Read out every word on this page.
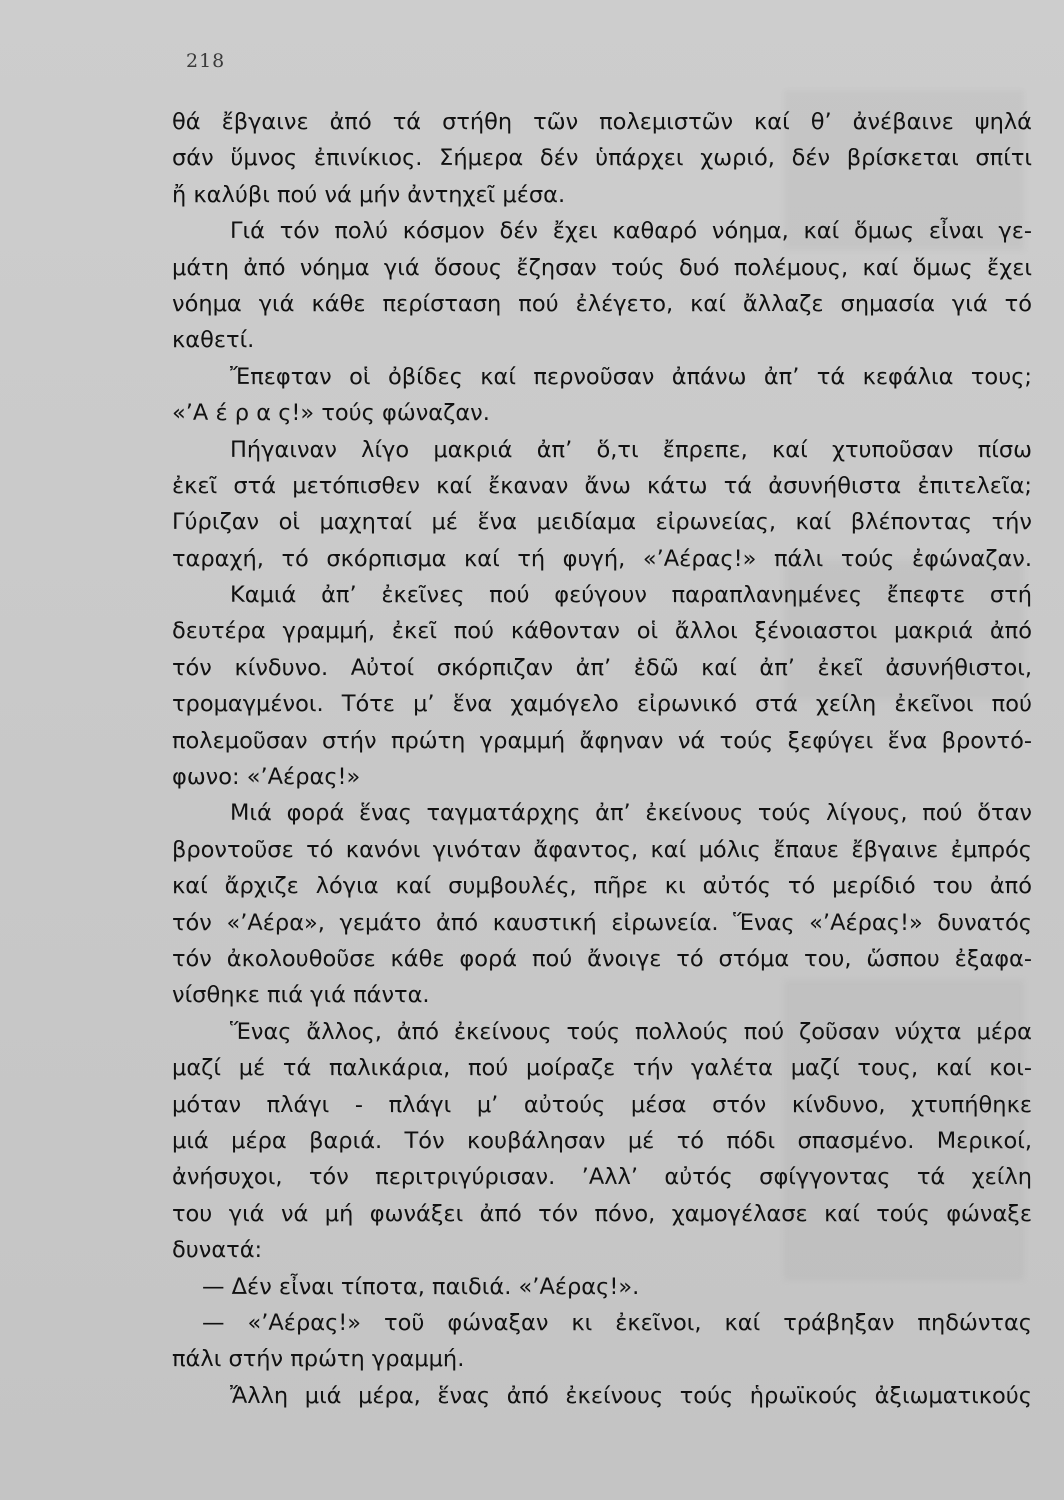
218

θά ἔβγαινε ἀπό τά στήθη τῶν πολεμιστῶν καί θ’ ἀνέβαινε ψηλά
σάν ὕμνος ἐπινίκιος. Σήμερα δέν ὑπάρχει χωριό, δέν βρίσκεται σπίτι
ἤ καλύβι πού νά μήν ἀντηχεῖ μέσα.
Γιά τόν πολύ κόσμον δέν ἔχει καθαρό νόημα, καί ὅμως εἶναι γε-
μάτη ἀπό νόημα γιά ὅσους ἔζησαν τούς δυό πολέμους, καί ὅμως ἔχει
νόημα γιά κάθε περίσταση πού ἐλέγετο, καί ἄλλαζε σημασία γιά τό
καθετί.
Ἔπεφταν οἱ ὀβίδες καί περνοῦσαν ἀπάνω ἀπ’ τά κεφάλια τους;
«’Α έ ρ α ς!» τούς φώναζαν.
Πήγαιναν λίγο μακριά ἀπ’ ὅ,τι ἔπρεπε, καί χτυποῦσαν πίσω
ἐκεῖ στά μετόπισθεν καί ἔκαναν ἄνω κάτω τά ἀσυνήθιστα ἐπιτελεῖα;
Γύριζαν οἱ μαχηταί μέ ἕνα μειδίαμα εἰρωνείας, καί βλέποντας τήν
ταραχή, τό σκόρπισμα καί τή φυγή, «’Αέρας!» πάλι τούς ἐφώναζαν.
Καμιά ἀπ’ ἐκεῖνες πού φεύγουν παραπλανημένες ἔπεφτε στή
δευτέρα γραμμή, ἐκεῖ πού κάθονταν οἱ ἄλλοι ξένοιαστοι μακριά ἀπό
τόν κίνδυνο. Αὐτοί σκόρπιζαν ἀπ’ ἐδῶ καί ἀπ’ ἐκεῖ ἀσυνήθιστοι,
τρομαγμένοι. Τότε μ’ ἕνα χαμόγελο εἰρωνικό στά χείλη ἐκεῖνοι πού
πολεμοῦσαν στήν πρώτη γραμμή ἄφηναν νά τούς ξεφύγει ἕνα βροντό-
φωνο: «’Αέρας!»
Μιά φορά ἕνας ταγματάρχης ἀπ’ ἐκείνους τούς λίγους, πού ὅταν
βροντοῦσε τό κανόνι γινόταν ἄφαντος, καί μόλις ἔπαυε ἔβγαινε ἐμπρός
καί ἄρχιζε λόγια καί συμβουλές, πῆρε κι αὐτός τό μερίδιό του ἀπό
τόν «’Αέρα», γεμάτο ἀπό καυστική εἰρωνεία. Ἕνας «’Αέρας!» δυνατός
τόν ἀκολουθοῦσε κάθε φορά πού ἄνοιγε τό στόμα του, ὥσπου ἐξαφα-
νίσθηκε πιά γιά πάντα.
Ἕνας ἄλλος, ἀπό ἐκείνους τούς πολλούς πού ζοῦσαν νύχτα μέρα
μαζί μέ τά παλικάρια, πού μοίραζε τήν γαλέτα μαζί τους, καί κοι-
μόταν πλάγι - πλάγι μ’ αὐτούς μέσα στόν κίνδυνο, χτυπήθηκε
μιά μέρα βαριά. Τόν κουβάλησαν μέ τό πόδι σπασμένο. Μερικοί,
ἀνήσυχοι, τόν περιτριγύρισαν. ’Αλλ’ αὐτός σφίγγοντας τά χείλη
του γιά νά μή φωνάξει ἀπό τόν πόνο, χαμογέλασε καί τούς φώναξε
δυνατά:
— Δέν εἶναι τίποτα, παιδιά. «’Αέρας!».
— «’Αέρας!» τοῦ φώναξαν κι ἐκεῖνοι, καί τράβηξαν πηδώντας
πάλι στήν πρώτη γραμμή.
Ἄλλη μιά μέρα, ἕνας ἀπό ἐκείνους τούς ἡρωϊκούς ἀξιωματικούς
